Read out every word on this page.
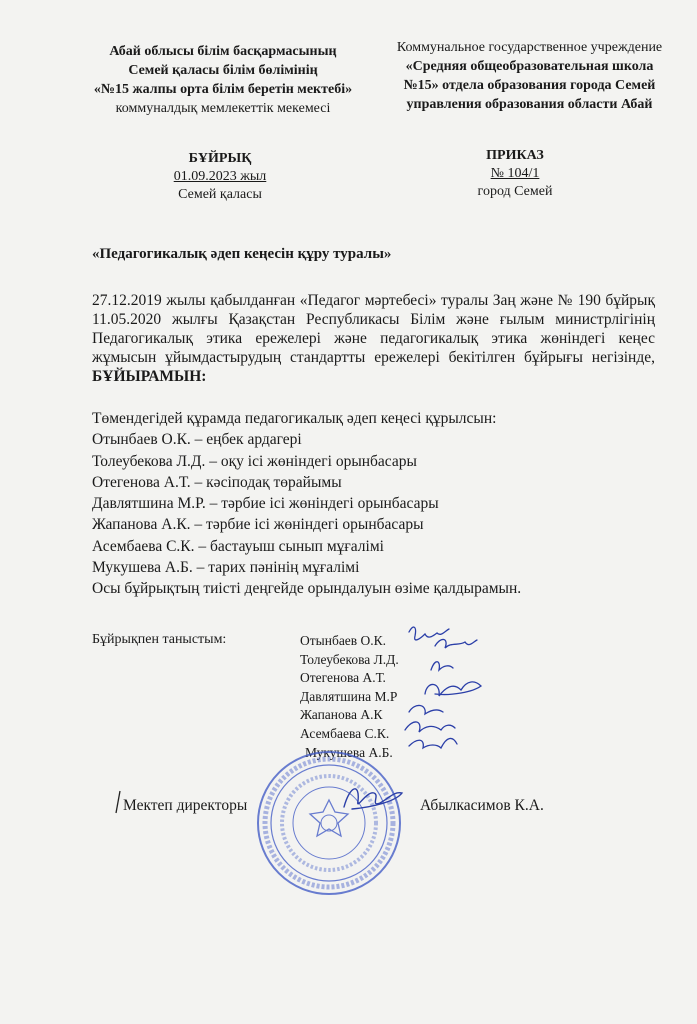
Абай облысы білім басқармасының
Семей қаласы білім бөлімінің
«№15 жалпы орта білім беретін мектебі»
коммуналдық мемлекеттік мекемесі
Коммунальное государственное учреждение
«Средняя общеобразовательная школа
№15» отдела образования города Семей
управления образования области Абай
БҰЙРЫҚ
01.09.2023 жыл
Семей қаласы
ПРИКАЗ
№ 104/1
город Семей
«Педагогикалық әдеп кеңесін құру туралы»
27.12.2019 жылы қабылданған «Педагог мәртебесі» туралы Заң және № 190 бұйрық 11.05.2020 жылғы Қазақстан Республикасы Білім және ғылым министрлігінің Педагогикалық этика ережелері және педагогикалық этика жөніндегі кеңес жұмысын ұйымдастырудың стандартты ережелері бекітілген бұйрығы негізінде, БҰЙЫРАМЫН:
Төмендегідей құрамда педагогикалық әдеп кеңесі құрылсын:
Отынбаев О.К. – еңбек ардагері
Толеубекова Л.Д. – оқу ісі жөніндегі орынбасары
Отегенова А.Т. – кәсіподақ төрайымы
Давлятшина М.Р. – тәрбие ісі жөніндегі орынбасары
Жапанова А.К. – тәрбие ісі жөніндегі орынбасары
Асембаева С.К. – бастауыш сынып мұғалімі
Мукушева А.Б. – тарих пәнінің мұғалімі
Осы бұйрықтың тиісті деңгейде орындалуын өзіме қалдырамын.
Бұйрықпен таныстым:	Отынбаев О.К.
Толеубекова Л.Д.
Отегенова А.Т.
Давлятшина М.Р
Жапанова А.К
Асембаева С.К.
Мукушева А.Б.
Мектеп директоры	Абылкасимов К.А.
